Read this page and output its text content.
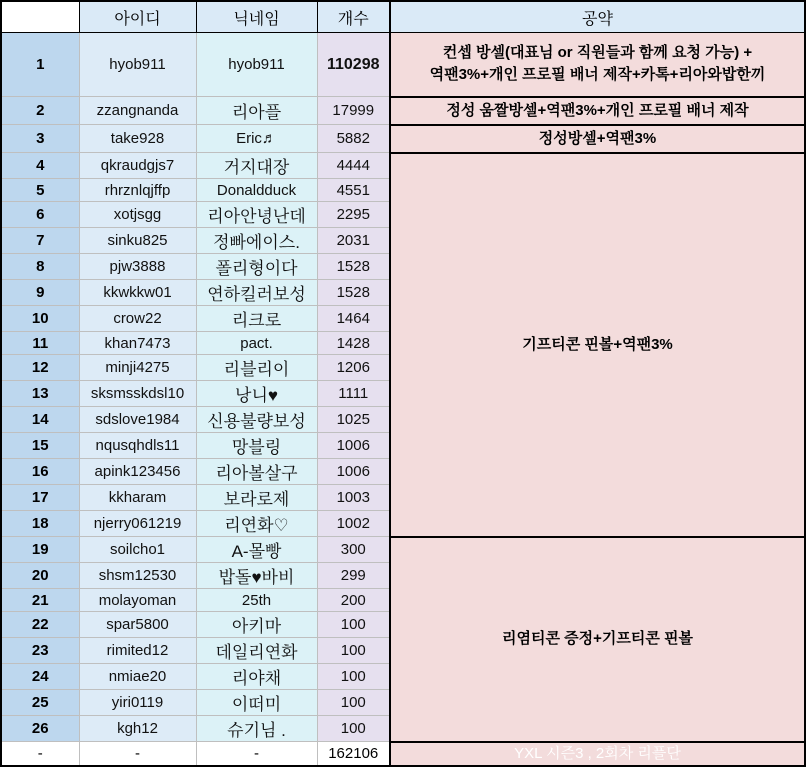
	아이디	닉네임	개수	공약
1	hyob911	hyob911	110298	컨셉 방셀(대표님 or 직원들과 함께 요청 가능) +
역팬3%+개인 프로필 배너 제작+카톡+리아와밥한끼

2	zzangnanda	리아플	17999	정성 움짤방셀+역팬3%+개인 프로필 배너 제작
3	take928	Eric♬	5882	정성방셀+역팬3%
4	qkraudgjs7	거지대장	4444	기프티콘 핀볼+역팬3%
5	rhrznlqjffp	Donaldduck	4551	
6	xotjsgg	리아안녕난데	2295	
7	sinku825	정빠에이스.	2031	
8	pjw3888	폴리형이다	1528	
9	kkwkkw01	연하킬러보성	1528	
10	crow22	리크로	1464	
11	khan7473	pact.	1428	
12	minji4275	리블리이	1206	
13	sksmsskdsl10	낭니♥	1111	
14	sdslove1984	신용불량보성	1025	
15	nqusqhdls11	망블링	1006	
16	apink123456	리아볼살구	1006	
17	kkharam	보라로제	1003	
18	njerry061219	리연화♡	1002	
19	soilcho1	A-몰빵	300	리염티콘 증정+기프티콘 핀볼
20	shsm12530	밥돌♥바비	299	
21	molayoman	25th	200	
22	spar5800	아키마	100	
23	rimited12	데일리연화	100	
24	nmiae20	리야채	100	
25	yiri0119	이떠미	100	
26	kgh12	슈기님 .	100	
-	-	-	162106	YXL 시즌3 , 2회차 리플단
